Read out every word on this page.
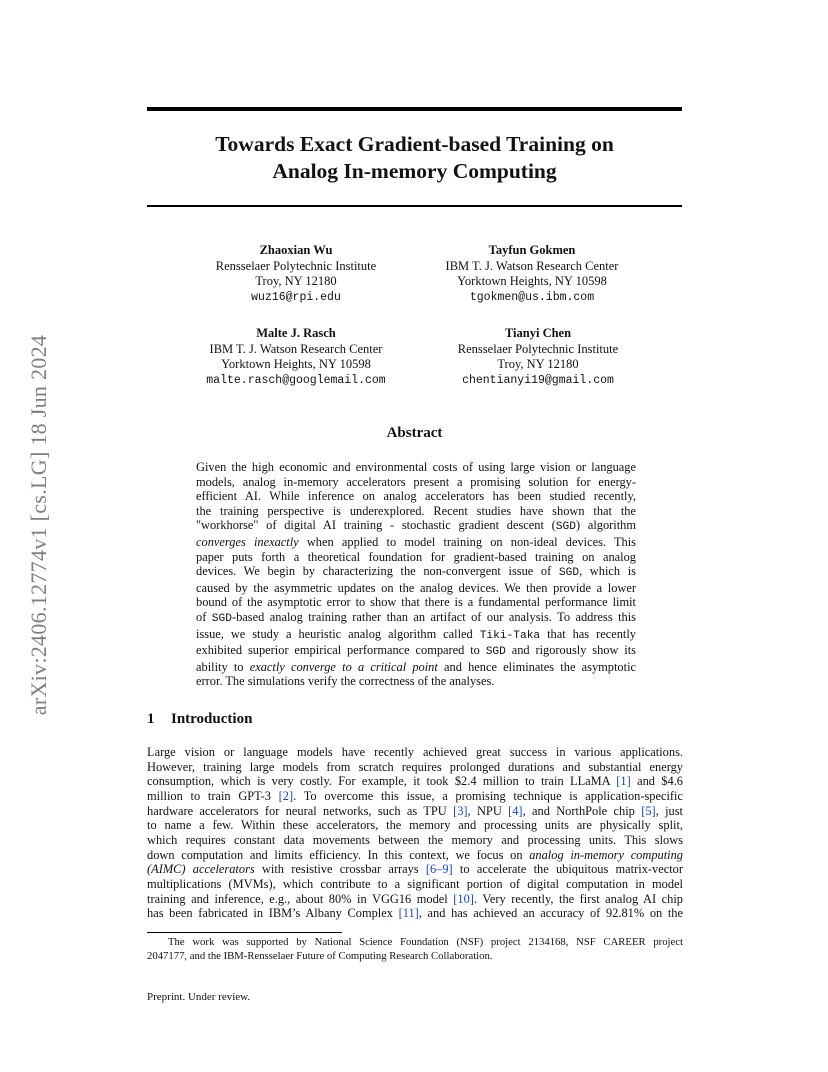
arXiv:2406.12774v1 [cs.LG] 18 Jun 2024
Towards Exact Gradient-based Training on
Analog In-memory Computing
Zhaoxian Wu
Rensselaer Polytechnic Institute
Troy, NY 12180
wuz16@rpi.edu
Tayfun Gokmen
IBM T. J. Watson Research Center
Yorktown Heights, NY 10598
tgokmen@us.ibm.com
Malte J. Rasch
IBM T. J. Watson Research Center
Yorktown Heights, NY 10598
malte.rasch@googlemail.com
Tianyi Chen
Rensselaer Polytechnic Institute
Troy, NY 12180
chentianyi19@gmail.com
Abstract
Given the high economic and environmental costs of using large vision or language
models, analog in-memory accelerators present a promising solution for energy-
efficient AI. While inference on analog accelerators has been studied recently,
the training perspective is underexplored. Recent studies have shown that the
"workhorse" of digital AI training - stochastic gradient descent (SGD) algorithm
converges inexactly when applied to model training on non-ideal devices. This
paper puts forth a theoretical foundation for gradient-based training on analog
devices. We begin by characterizing the non-convergent issue of SGD, which is
caused by the asymmetric updates on the analog devices. We then provide a lower
bound of the asymptotic error to show that there is a fundamental performance limit
of SGD-based analog training rather than an artifact of our analysis. To address this
issue, we study a heuristic analog algorithm called Tiki-Taka that has recently
exhibited superior empirical performance compared to SGD and rigorously show its
ability to exactly converge to a critical point and hence eliminates the asymptotic
error. The simulations verify the correctness of the analyses.
1 Introduction
Large vision or language models have recently achieved great success in various applications.
However, training large models from scratch requires prolonged durations and substantial energy
consumption, which is very costly. For example, it took $2.4 million to train LLaMA [1] and $4.6
million to train GPT-3 [2]. To overcome this issue, a promising technique is application-specific
hardware accelerators for neural networks, such as TPU [3], NPU [4], and NorthPole chip [5], just
to name a few. Within these accelerators, the memory and processing units are physically split,
which requires constant data movements between the memory and processing units. This slows
down computation and limits efficiency. In this context, we focus on analog in-memory computing
(AIMC) accelerators with resistive crossbar arrays [6–9] to accelerate the ubiquitous matrix-vector
multiplications (MVMs), which contribute to a significant portion of digital computation in model
training and inference, e.g., about 80% in VGG16 model [10]. Very recently, the first analog AI chip
has been fabricated in IBM’s Albany Complex [11], and has achieved an accuracy of 92.81% on the
The work was supported by National Science Foundation (NSF) project 2134168, NSF CAREER project
2047177, and the IBM-Rensselaer Future of Computing Research Collaboration.
Preprint. Under review.
